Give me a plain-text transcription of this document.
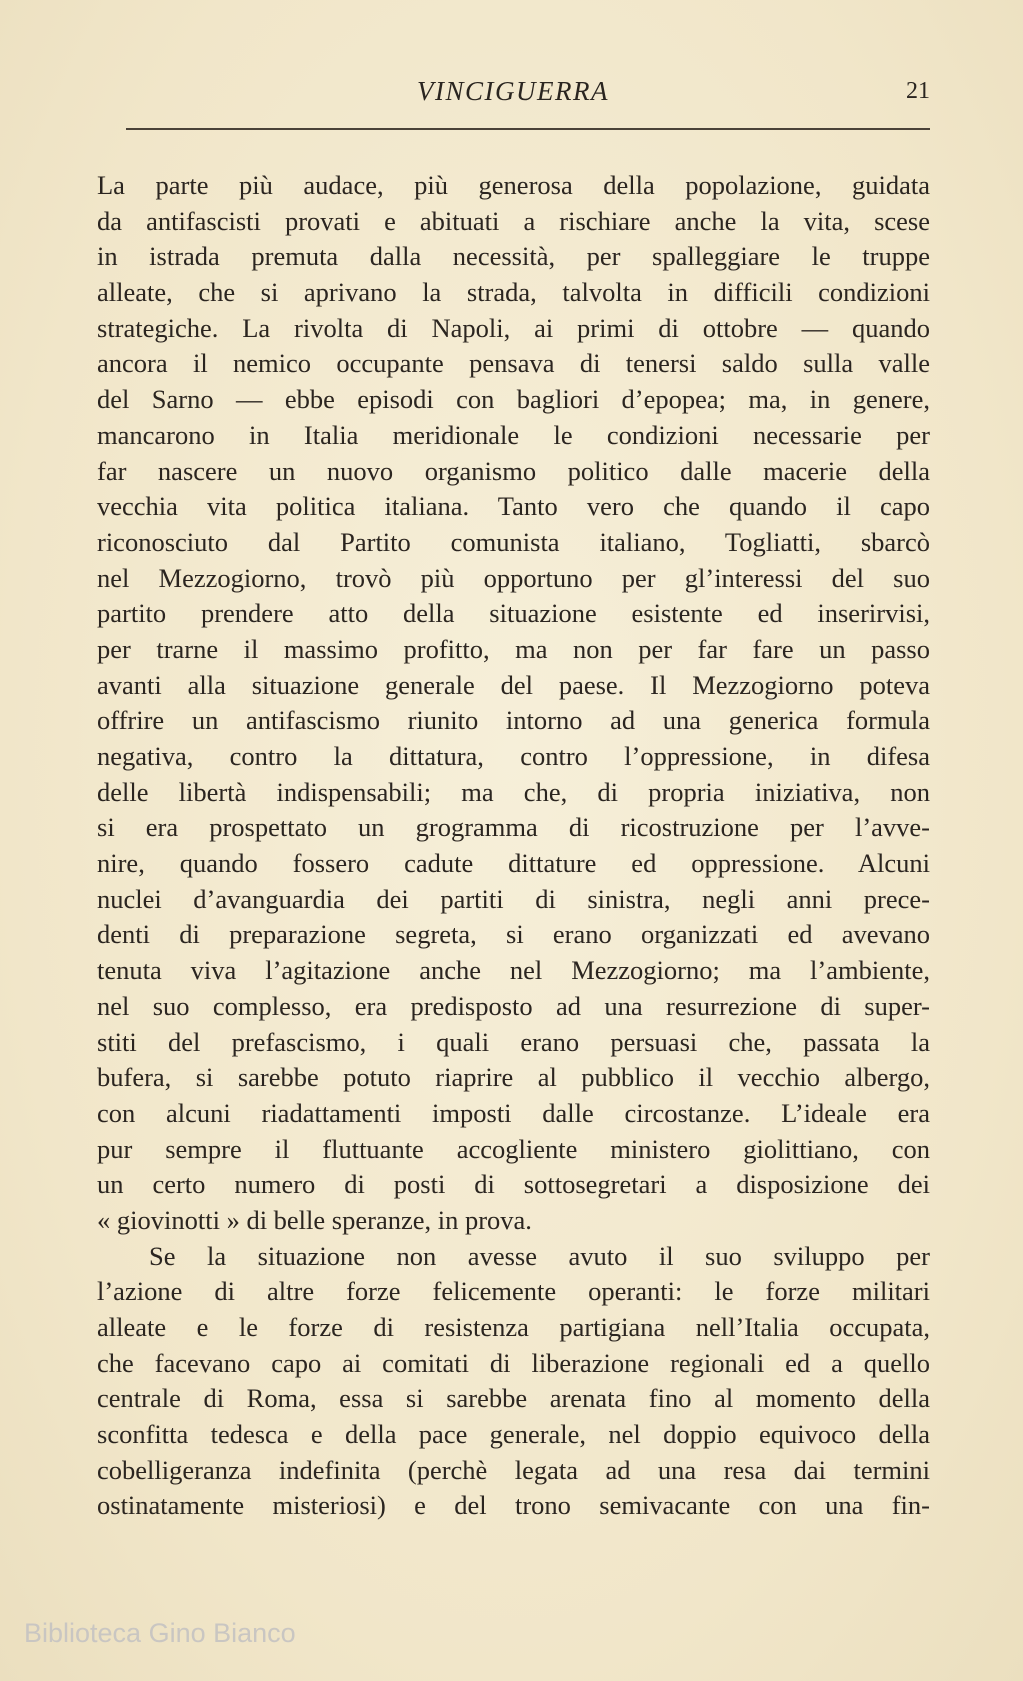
VINCIGUERRA	21
La parte più audace, più generosa della popolazione, guidata
da antifascisti provati e abituati a rischiare anche la vita, scese
in istrada premuta dalla necessità, per spalleggiare le truppe
alleate, che si aprivano la strada, talvolta in difficili condizioni
strategiche. La rivolta di Napoli, ai primi di ottobre — quando
ancora il nemico occupante pensava di tenersi saldo sulla valle
del Sarno — ebbe episodi con bagliori d’epopea; ma, in genere,
mancarono in Italia meridionale le condizioni necessarie per
far nascere un nuovo organismo politico dalle macerie della
vecchia vita politica italiana. Tanto vero che quando il capo
riconosciuto dal Partito comunista italiano, Togliatti, sbarcò
nel Mezzogiorno, trovò più opportuno per gl’interessi del suo
partito prendere atto della situazione esistente ed inserirvisi,
per trarne il massimo profitto, ma non per far fare un passo
avanti alla situazione generale del paese. Il Mezzogiorno poteva
offrire un antifascismo riunito intorno ad una generica formula
negativa, contro la dittatura, contro l’oppressione, in difesa
delle libertà indispensabili; ma che, di propria iniziativa, non
si era prospettato un grogramma di ricostruzione per l’avve-
nire, quando fossero cadute dittature ed oppressione. Alcuni
nuclei d’avanguardia dei partiti di sinistra, negli anni prece-
denti di preparazione segreta, si erano organizzati ed avevano
tenuta viva l’agitazione anche nel Mezzogiorno; ma l’ambiente,
nel suo complesso, era predisposto ad una resurrezione di super-
stiti del prefascismo, i quali erano persuasi che, passata la
bufera, si sarebbe potuto riaprire al pubblico il vecchio albergo,
con alcuni riadattamenti imposti dalle circostanze. L’ideale era
pur sempre il fluttuante accogliente ministero giolittiano, con
un certo numero di posti di sottosegretari a disposizione dei
« giovinotti » di belle speranze, in prova.
Se la situazione non avesse avuto il suo sviluppo per
l’azione di altre forze felicemente operanti: le forze militari
alleate e le forze di resistenza partigiana nell’Italia occupata,
che facevano capo ai comitati di liberazione regionali ed a quello
centrale di Roma, essa si sarebbe arenata fino al momento della
sconfitta tedesca e della pace generale, nel doppio equivoco della
cobelligeranza indefinita (perchè legata ad una resa dai termini
ostinatamente misteriosi) e del trono semivacante con una fin-
Biblioteca Gino Bianco
